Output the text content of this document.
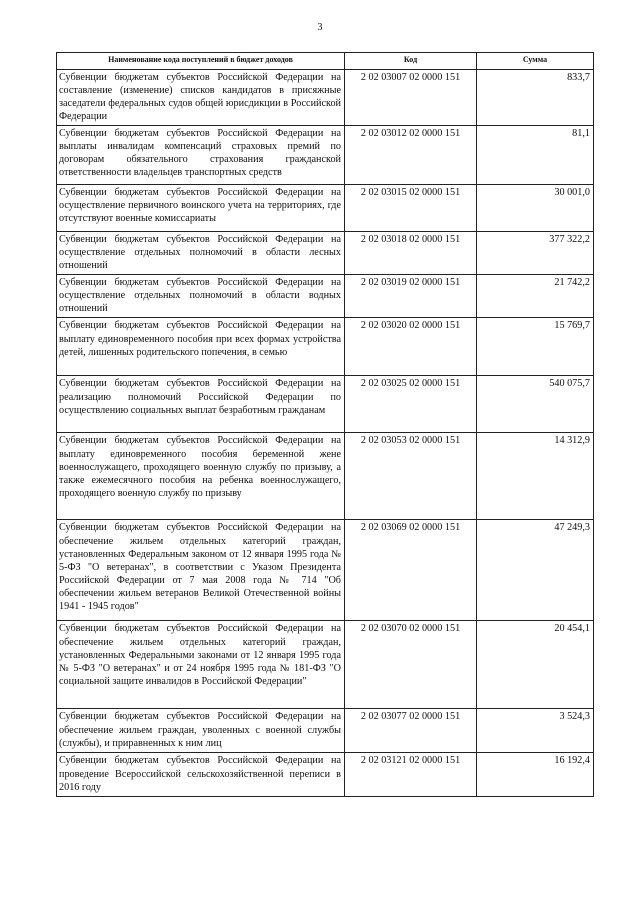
3
Наименование кода поступлений в бюджет доходов	Код	Сумма
Субвенции бюджетам субъектов Российской Федерации на составление (изменение) списков кандидатов в присяжные заседатели федеральных судов общей юрисдикции в Российской Федерации	2 02 03007 02 0000 151	833,7
Субвенции бюджетам субъектов Российской Федерации на выплаты инвалидам компенсаций страховых премий по договорам обязательного страхования гражданской ответственности владельцев транспортных средств	2 02 03012 02 0000 151	81,1
Субвенции бюджетам субъектов Российской Федерации на осуществление первичного воинского учета на территориях, где отсутствуют военные комиссариаты	2 02 03015 02 0000 151	30 001,0
Субвенции бюджетам субъектов Российской Федерации на осуществление отдельных полномочий в области лесных отношений	2 02 03018 02 0000 151	377 322,2
Субвенции бюджетам субъектов Российской Федерации на осуществление отдельных полномочий в области водных отношений	2 02 03019 02 0000 151	21 742,2
Субвенции бюджетам субъектов Российской Федерации на выплату единовременного пособия при всех формах устройства детей, лишенных родительского попечения, в семью	2 02 03020 02 0000 151	15 769,7
Субвенции бюджетам субъектов Российской Федерации на реализацию полномочий Российской Федерации по осуществлению социальных выплат безработным гражданам	2 02 03025 02 0000 151	540 075,7
Субвенции бюджетам субъектов Российской Федерации на выплату единовременного пособия беременной жене военнослужащего, проходящего военную службу по призыву, а также ежемесячного пособия на ребенка военнослужащего, проходящего военную службу по призыву	2 02 03053 02 0000 151	14 312,9
Субвенции бюджетам субъектов Российской Федерации на обеспечение жильем отдельных категорий граждан, установленных Федеральным законом от 12 января 1995 года № 5-ФЗ "О ветеранах", в соответствии с Указом Президента Российской Федерации от 7 мая 2008 года № 714 "Об обеспечении жильем ветеранов Великой Отечественной войны 1941 - 1945 годов"	2 02 03069 02 0000 151	47 249,3
Субвенции бюджетам субъектов Российской Федерации на обеспечение жильем отдельных категорий граждан, установленных Федеральными законами от 12 января 1995 года № 5-ФЗ "О ветеранах" и от 24 ноября 1995 года № 181-ФЗ "О социальной защите инвалидов в Российской Федерации"	2 02 03070 02 0000 151	20 454,1
Субвенции бюджетам субъектов Российской Федерации на обеспечение жильем граждан, уволенных с военной службы (службы), и приравненных к ним лиц	2 02 03077 02 0000 151	3 524,3
Субвенции бюджетам субъектов Российской Федерации на проведение Всероссийской сельскохозяйственной переписи в 2016 году	2 02 03121 02 0000 151	16 192,4
